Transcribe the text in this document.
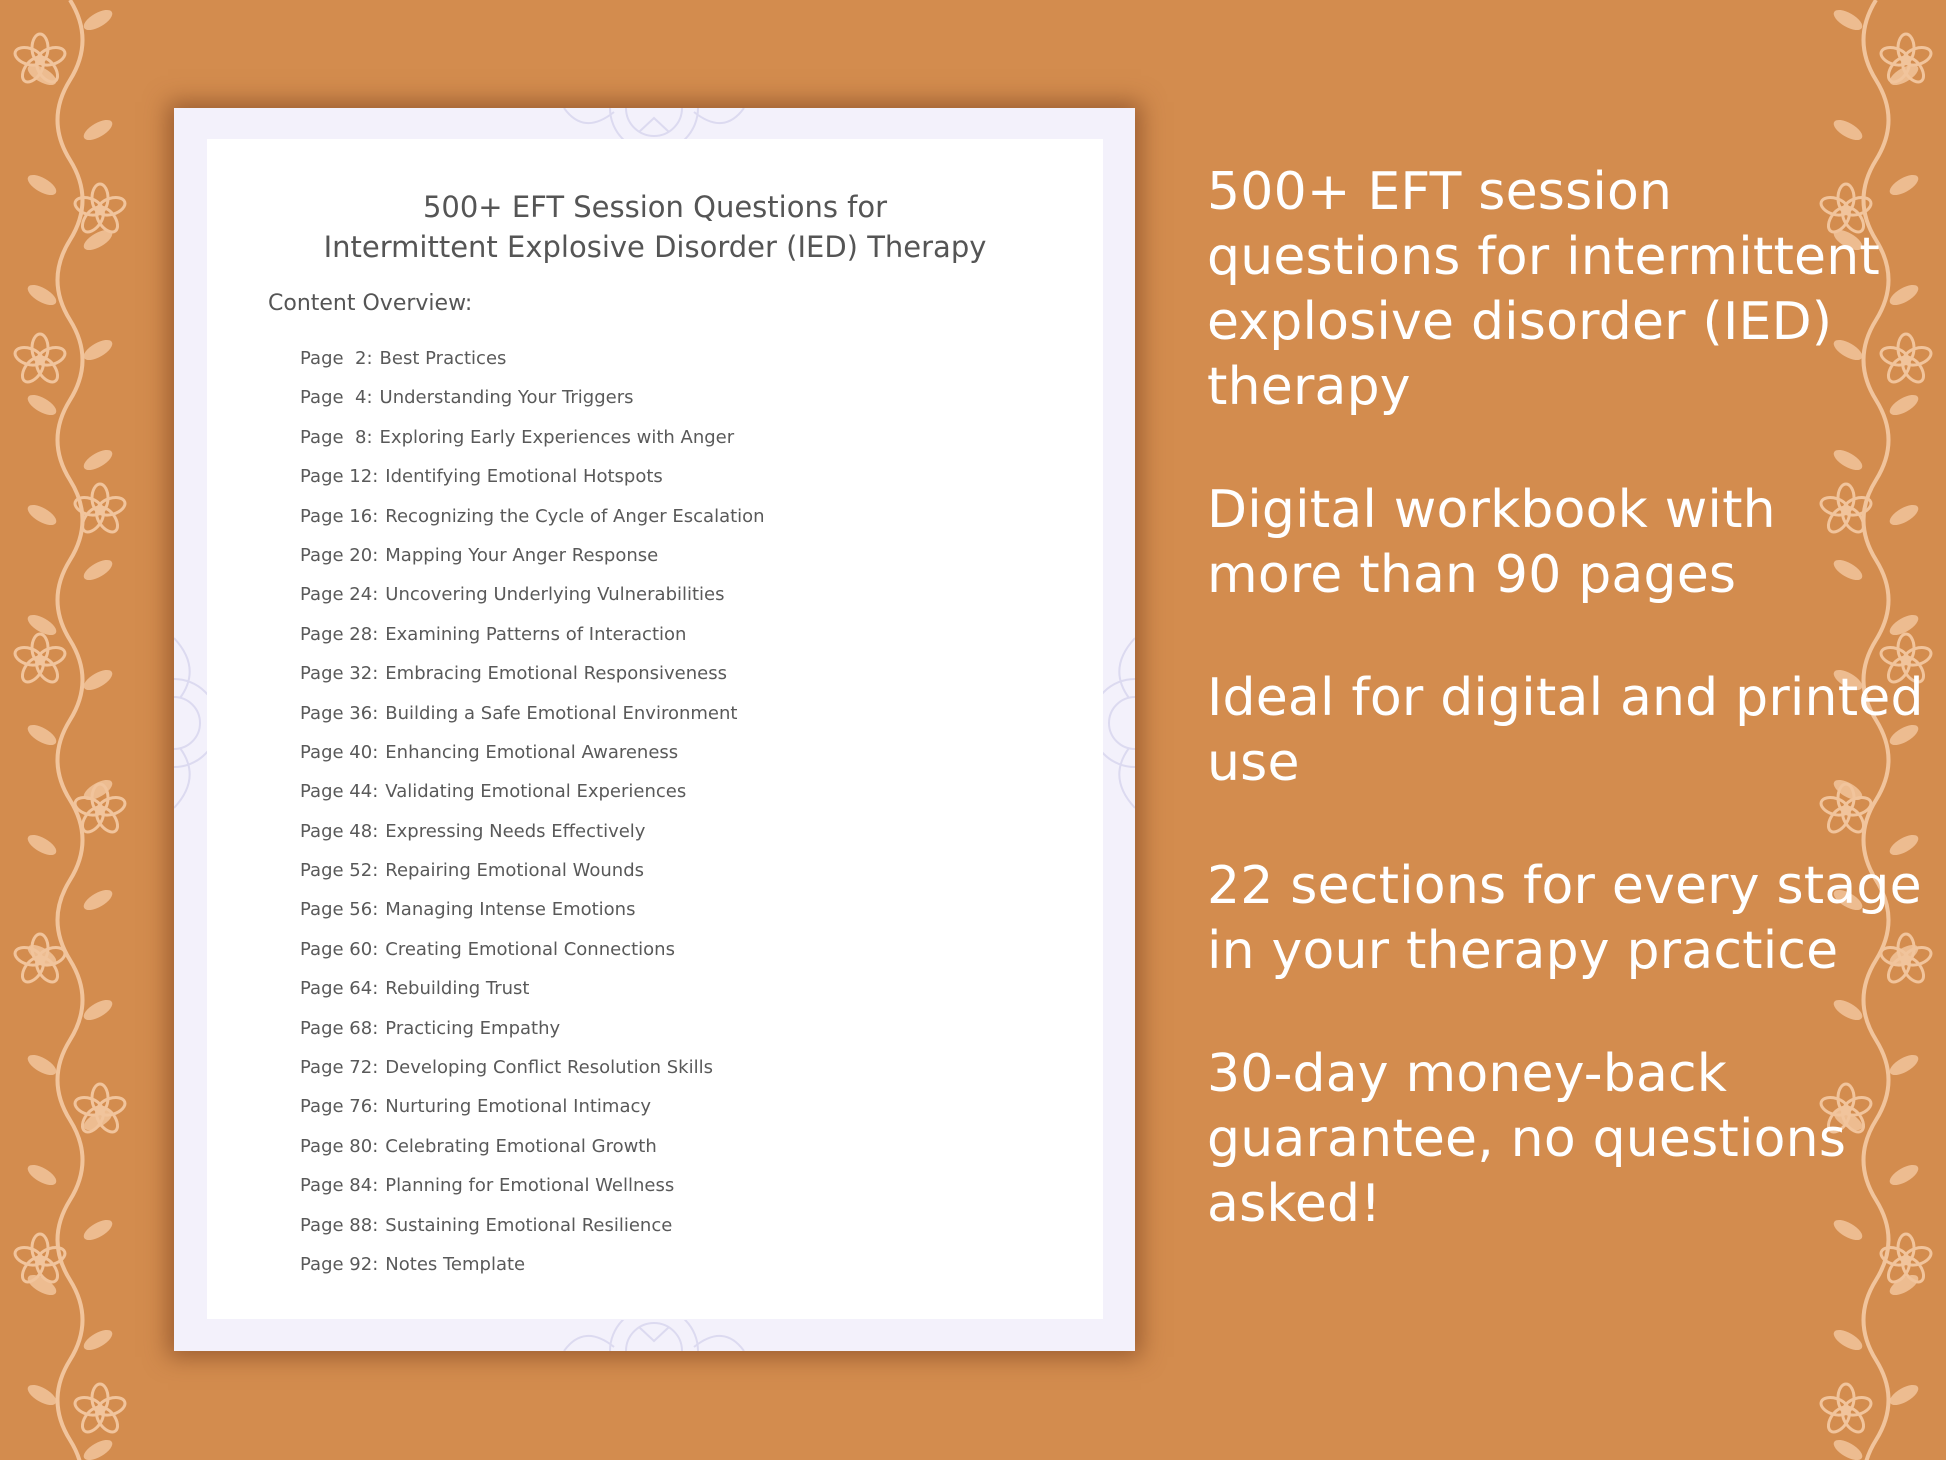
500+ EFT Session Questions for
Intermittent Explosive Disorder (IED) Therapy
Content Overview:
Page  2: Best Practices
Page  4: Understanding Your Triggers
Page  8: Exploring Early Experiences with Anger
Page 12: Identifying Emotional Hotspots
Page 16: Recognizing the Cycle of Anger Escalation
Page 20: Mapping Your Anger Response
Page 24: Uncovering Underlying Vulnerabilities
Page 28: Examining Patterns of Interaction
Page 32: Embracing Emotional Responsiveness
Page 36: Building a Safe Emotional Environment
Page 40: Enhancing Emotional Awareness
Page 44: Validating Emotional Experiences
Page 48: Expressing Needs Effectively
Page 52: Repairing Emotional Wounds
Page 56: Managing Intense Emotions
Page 60: Creating Emotional Connections
Page 64: Rebuilding Trust
Page 68: Practicing Empathy
Page 72: Developing Conflict Resolution Skills
Page 76: Nurturing Emotional Intimacy
Page 80: Celebrating Emotional Growth
Page 84: Planning for Emotional Wellness
Page 88: Sustaining Emotional Resilience
Page 92: Notes Template

500+ EFT session questions for intermittent explosive disorder (IED) therapy

Digital workbook with more than 90 pages

Ideal for digital and printed use

22 sections for every stage in your therapy practice

30-day money-back guarantee, no questions asked!
